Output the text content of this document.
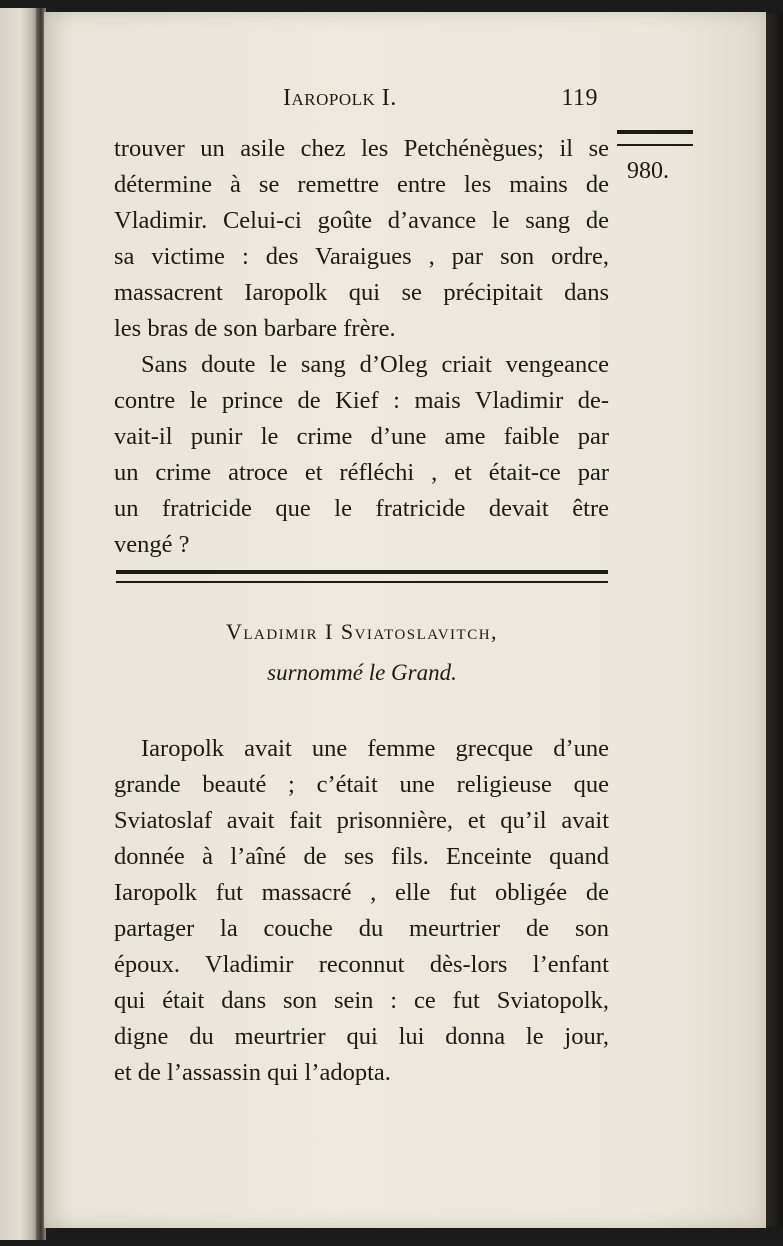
Iaropolk I.	119
980.
trouver un asile chez les Petchénègues; il se
détermine à se remettre entre les mains de
Vladimir. Celui-ci goûte d’avance le sang de
sa victime : des Varaigues , par son ordre,
massacrent Iaropolk qui se précipitait dans
les bras de son barbare frère.
Sans doute le sang d’Oleg criait vengeance
contre le prince de Kief : mais Vladimir de-
vait-il punir le crime d’une ame faible par
un crime atroce et réfléchi , et était-ce par
un fratricide que le fratricide devait être
vengé ?
Vladimir I Sviatoslavitch,
surnommé le Grand.
Iaropolk avait une femme grecque d’une
grande beauté ; c’était une religieuse que
Sviatoslaf avait fait prisonnière, et qu’il avait
donnée à l’aîné de ses fils. Enceinte quand
Iaropolk fut massacré , elle fut obligée de
partager la couche du meurtrier de son
époux. Vladimir reconnut dès-lors l’enfant
qui était dans son sein : ce fut Sviatopolk,
digne du meurtrier qui lui donna le jour,
et de l’assassin qui l’adopta.
